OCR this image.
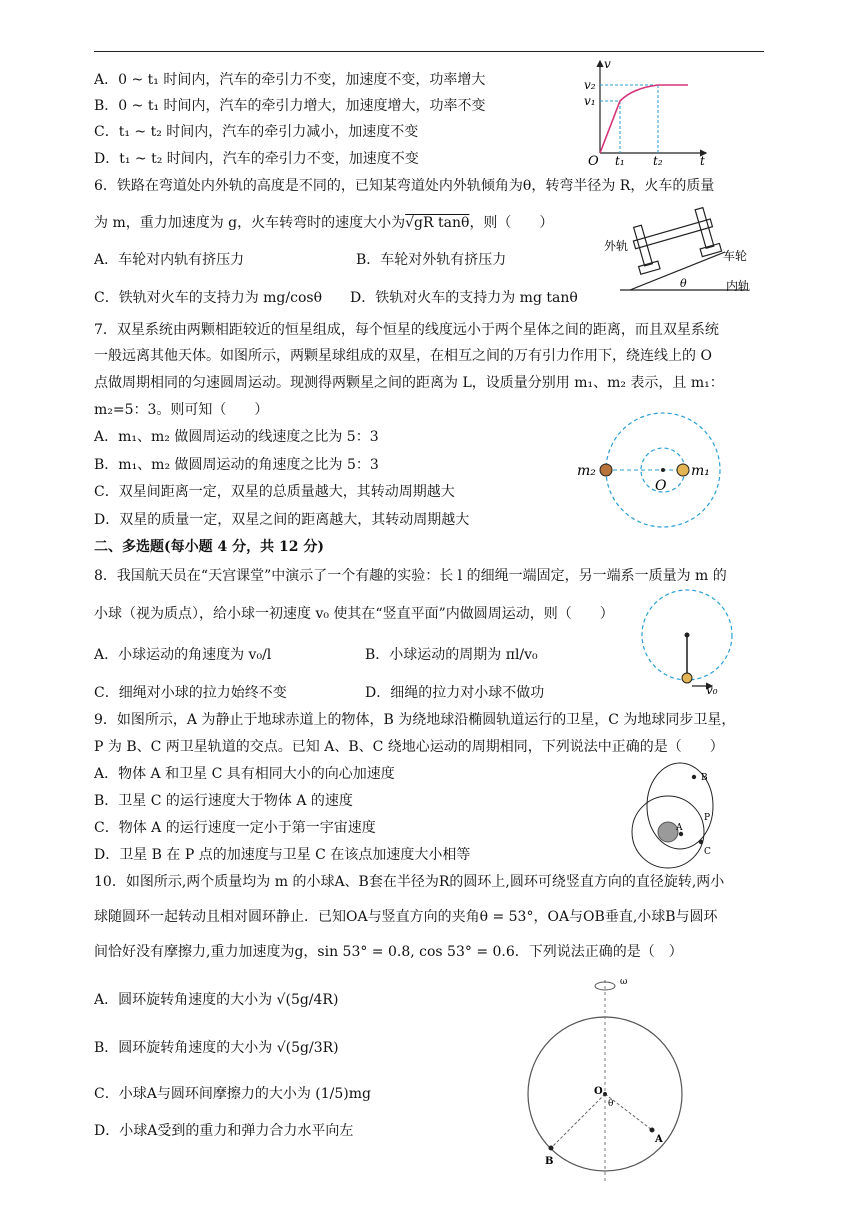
A．0 ~ t₁ 时间内，汽车的牵引力不变，加速度不变，功率增大
B．0 ~ t₁ 时间内，汽车的牵引力增大，加速度增大，功率不变
C．t₁ ~ t₂ 时间内，汽车的牵引力减小，加速度不变
D．t₁ ~ t₂ 时间内，汽车的牵引力不变，加速度不变
v
v₂
v₁
O t₁ t₂	t
6．铁路在弯道处内外轨的高度是不同的，已知某弯道处内外轨倾角为θ，转弯半径为 R，火车的质量
为 m，重力加速度为 g，火车转弯时的速度大小为√gR tanθ，则（　　）
A．车轮对内轨有挤压力	B．车轮对外轨有挤压力
C．铁轨对火车的支持力为 mg/cosθ D．铁轨对火车的支持力为 mg tanθ
外轨
车轮
内轨
θ
7．双星系统由两颗相距较近的恒星组成，每个恒星的线度远小于两个星体之间的距离，而且双星系统
一般远离其他天体。如图所示，两颗星球组成的双星，在相互之间的万有引力作用下，绕连线上的 O
点做周期相同的匀速圆周运动。现测得两颗星之间的距离为 L，设质量分别用 m₁、m₂ 表示，且 m₁：
m₂=5：3。则可知（　　）
A．m₁、m₂ 做圆周运动的线速度之比为 5：3
B．m₁、m₂ 做圆周运动的角速度之比为 5：3
C．双星间距离一定，双星的总质量越大，其转动周期越大
D．双星的质量一定，双星之间的距离越大，其转动周期越大
m₂
O
m₁
二、多选题(每小题 4 分，共 12 分)
8．我国航天员在“天宫课堂”中演示了一个有趣的实验：长 l 的细绳一端固定，另一端系一质量为 m 的
小球（视为质点），给小球一初速度 v₀ 使其在“竖直平面”内做圆周运动，则（　　）
A．小球运动的角速度为 v₀/l	B．小球运动的周期为 πl/v₀
C．细绳对小球的拉力始终不变	D．细绳的拉力对小球不做功	v₀
9．如图所示，A 为静止于地球赤道上的物体，B 为绕地球沿椭圆轨道运行的卫星，C 为地球同步卫星，
P 为 B、C 两卫星轨道的交点。已知 A、B、C 绕地心运动的周期相同，下列说法中正确的是（　　）
A．物体 A 和卫星 C 具有相同大小的向心加速度
B．卫星 C 的运行速度大于物体 A 的速度
C．物体 A 的运行速度一定小于第一宇宙速度
D．卫星 B 在 P 点的加速度与卫星 C 在该点加速度大小相等
B
P
A
C
10．如图所示,两个质量均为 m 的小球A、B套在半径为R的圆环上,圆环可绕竖直方向的直径旋转,两小
球随圆环一起转动且相对圆环静止．已知OA与竖直方向的夹角θ = 53°，OA与OB垂直,小球B与圆环
间恰好没有摩擦力,重力加速度为g，sin 53° = 0.8, cos 53° = 0.6．下列说法正确的是（　）
A．圆环旋转角速度的大小为 √(5g/4R)
B．圆环旋转角速度的大小为 √(5g/3R)
C．小球A与圆环间摩擦力的大小为 (1/5)mg
D．小球A受到的重力和弹力合力水平向左
ω
O
θ
B
A
